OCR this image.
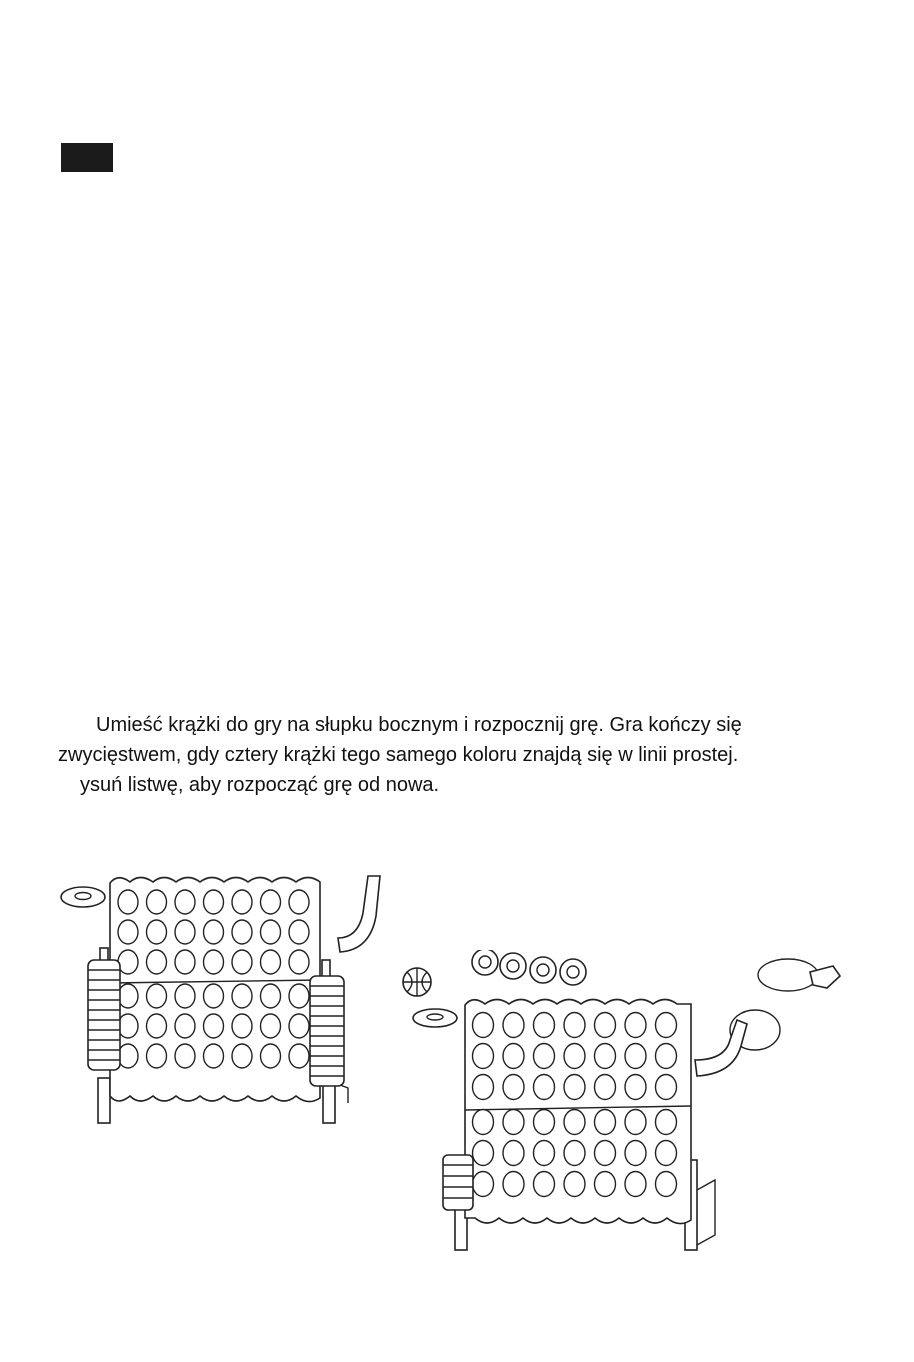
Umieść krążki do gry na słupku bocznym i rozpocznij grę. Gra kończy się

zwycięstwem, gdy cztery krążki tego samego koloru znajdą się w linii prostej.

ysuń listwę, aby rozpocząć grę od nowa.
